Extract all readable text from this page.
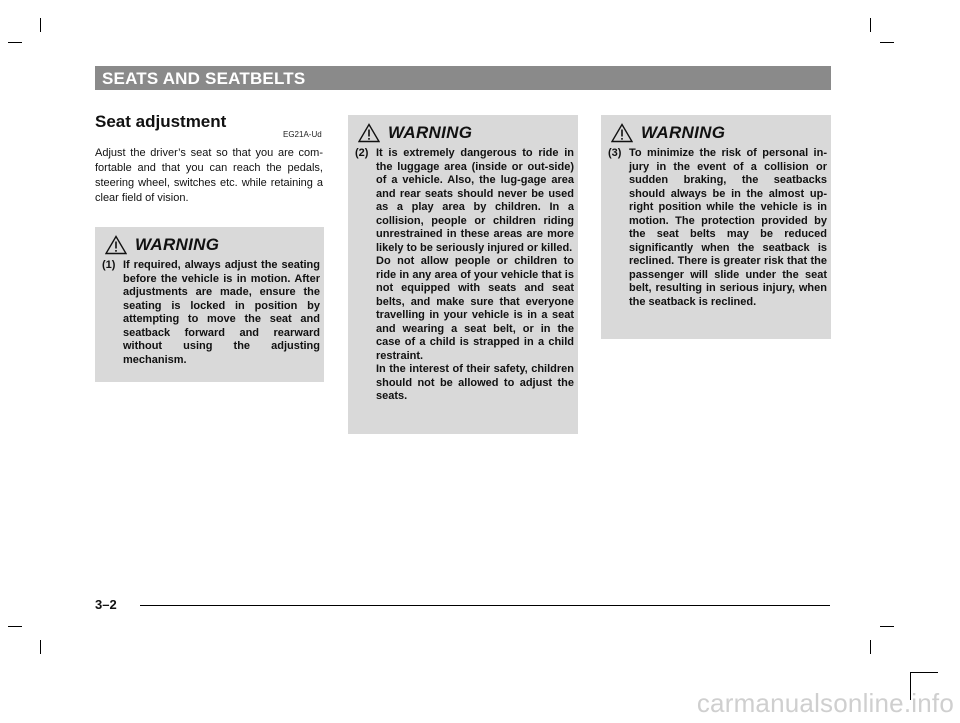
SEATS AND SEATBELTS
Seat adjustment
EG21A-Ud
Adjust the driver’s seat so that you are com-fortable and that you can reach the pedals, steering wheel, switches etc. while retaining a clear field of vision.
WARNING
(1) If required, always adjust the seating before the vehicle is in motion. After adjustments are made, ensure the seating is locked in position by attempting to move the seat and seatback forward and rearward without using the adjusting mechanism.

WARNING
(2) It is extremely dangerous to ride in the luggage area (inside or out-side) of a vehicle. Also, the lug-gage area and rear seats should never be used as a play area by children. In a collision, people or children riding unrestrained in these areas are more likely to be seriously injured or killed.

Do not allow people or children to ride in any area of your vehicle that is not equipped with seats and seat belts, and make sure that everyone travelling in your vehicle is in a seat and wearing a seat belt, or in the case of a child is strapped in a child restraint.

In the interest of their safety, children should not be allowed to adjust the seats.

WARNING
(3) To minimize the risk of personal in-jury in the event of a collision or sudden braking, the seatbacks should always be in the almost up-right position while the vehicle is in motion. The protection provided by the seat belts may be reduced significantly when the seatback is reclined. There is greater risk that the passenger will slide under the seat belt, resulting in serious injury, when the seatback is reclined.

3–2
carmanualsonline.info
